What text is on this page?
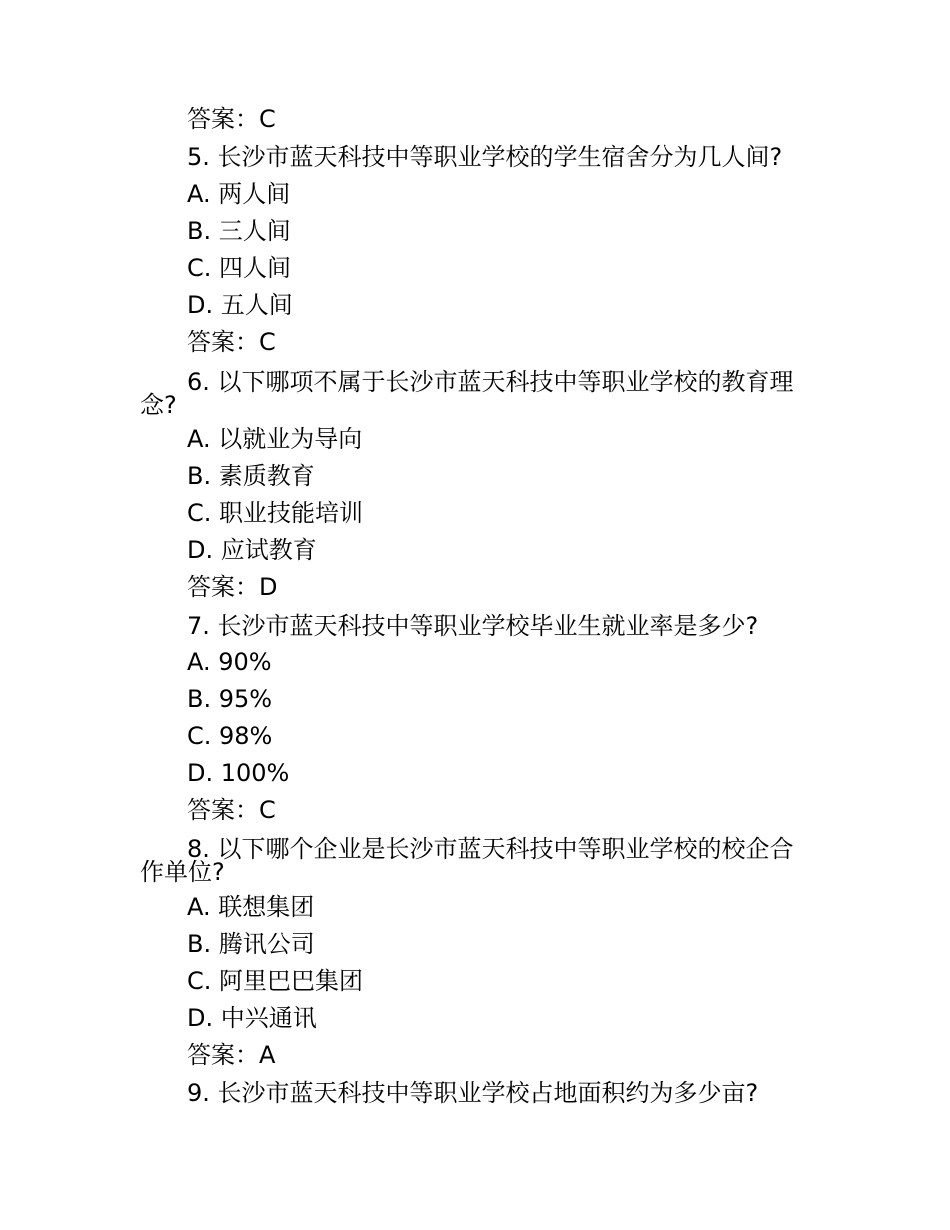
答案：C
5. 长沙市蓝天科技中等职业学校的学生宿舍分为几人间?
A. 两人间
B. 三人间
C. 四人间
D. 五人间
答案：C
6. 以下哪项不属于长沙市蓝天科技中等职业学校的教育理
念?
A. 以就业为导向
B. 素质教育
C. 职业技能培训
D. 应试教育
答案：D
7. 长沙市蓝天科技中等职业学校毕业生就业率是多少?
A. 90%
B. 95%
C. 98%
D. 100%
答案：C
8. 以下哪个企业是长沙市蓝天科技中等职业学校的校企合
作单位?
A. 联想集团
B. 腾讯公司
C. 阿里巴巴集团
D. 中兴通讯
答案：A
9. 长沙市蓝天科技中等职业学校占地面积约为多少亩?
